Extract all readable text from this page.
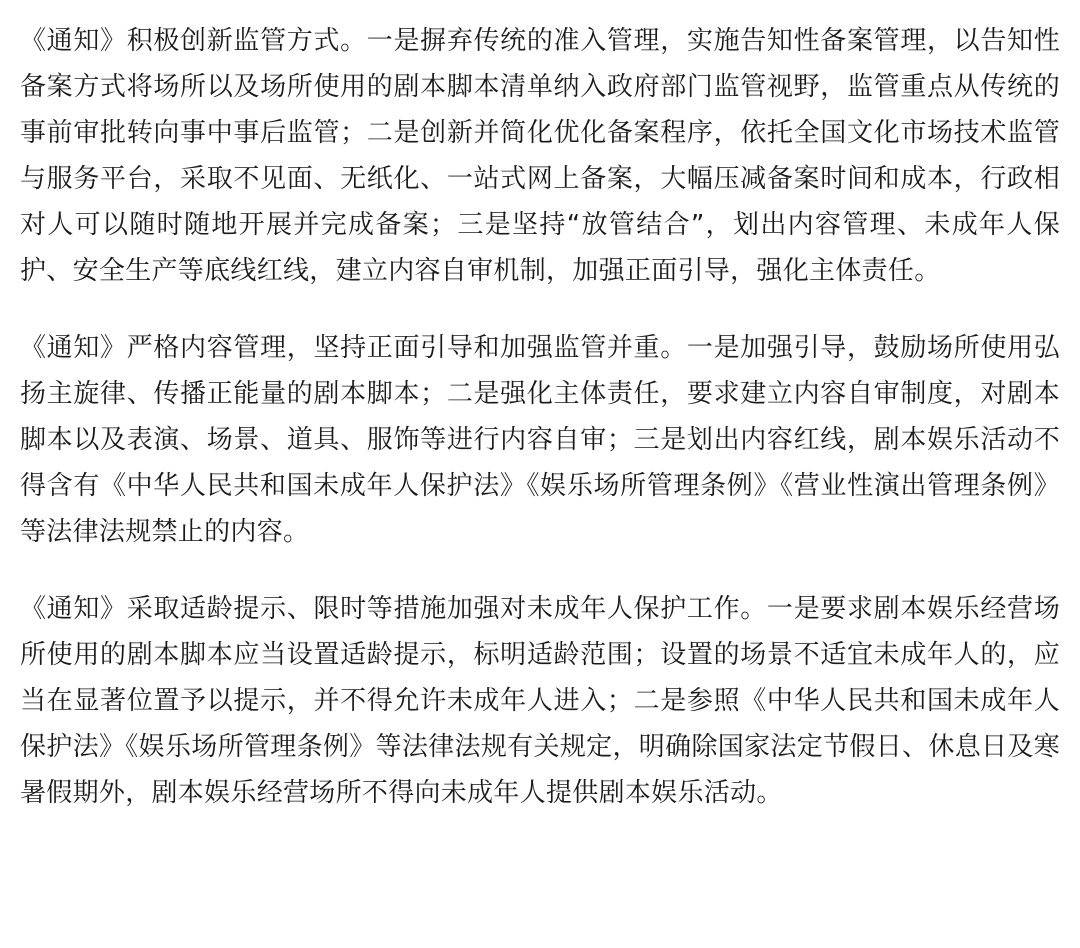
《通知》积极创新监管方式。一是摒弃传统的准入管理，实施告知性备案管理，以告知性备案方式将场所以及场所使用的剧本脚本清单纳入政府部门监管视野，监管重点从传统的事前审批转向事中事后监管；二是创新并简化优化备案程序，依托全国文化市场技术监管与服务平台，采取不见面、无纸化、一站式网上备案，大幅压减备案时间和成本，行政相对人可以随时随地开展并完成备案；三是坚持“放管结合”，划出内容管理、未成年人保护、安全生产等底线红线，建立内容自审机制，加强正面引导，强化主体责任。

《通知》严格内容管理，坚持正面引导和加强监管并重。一是加强引导，鼓励场所使用弘扬主旋律、传播正能量的剧本脚本；二是强化主体责任，要求建立内容自审制度，对剧本脚本以及表演、场景、道具、服饰等进行内容自审；三是划出内容红线，剧本娱乐活动不得含有《中华人民共和国未成年人保护法》《娱乐场所管理条例》《营业性演出管理条例》等法律法规禁止的内容。

《通知》采取适龄提示、限时等措施加强对未成年人保护工作。一是要求剧本娱乐经营场所使用的剧本脚本应当设置适龄提示，标明适龄范围；设置的场景不适宜未成年人的，应当在显著位置予以提示，并不得允许未成年人进入；二是参照《中华人民共和国未成年人保护法》《娱乐场所管理条例》等法律法规有关规定，明确除国家法定节假日、休息日及寒暑假期外，剧本娱乐经营场所不得向未成年人提供剧本娱乐活动。
